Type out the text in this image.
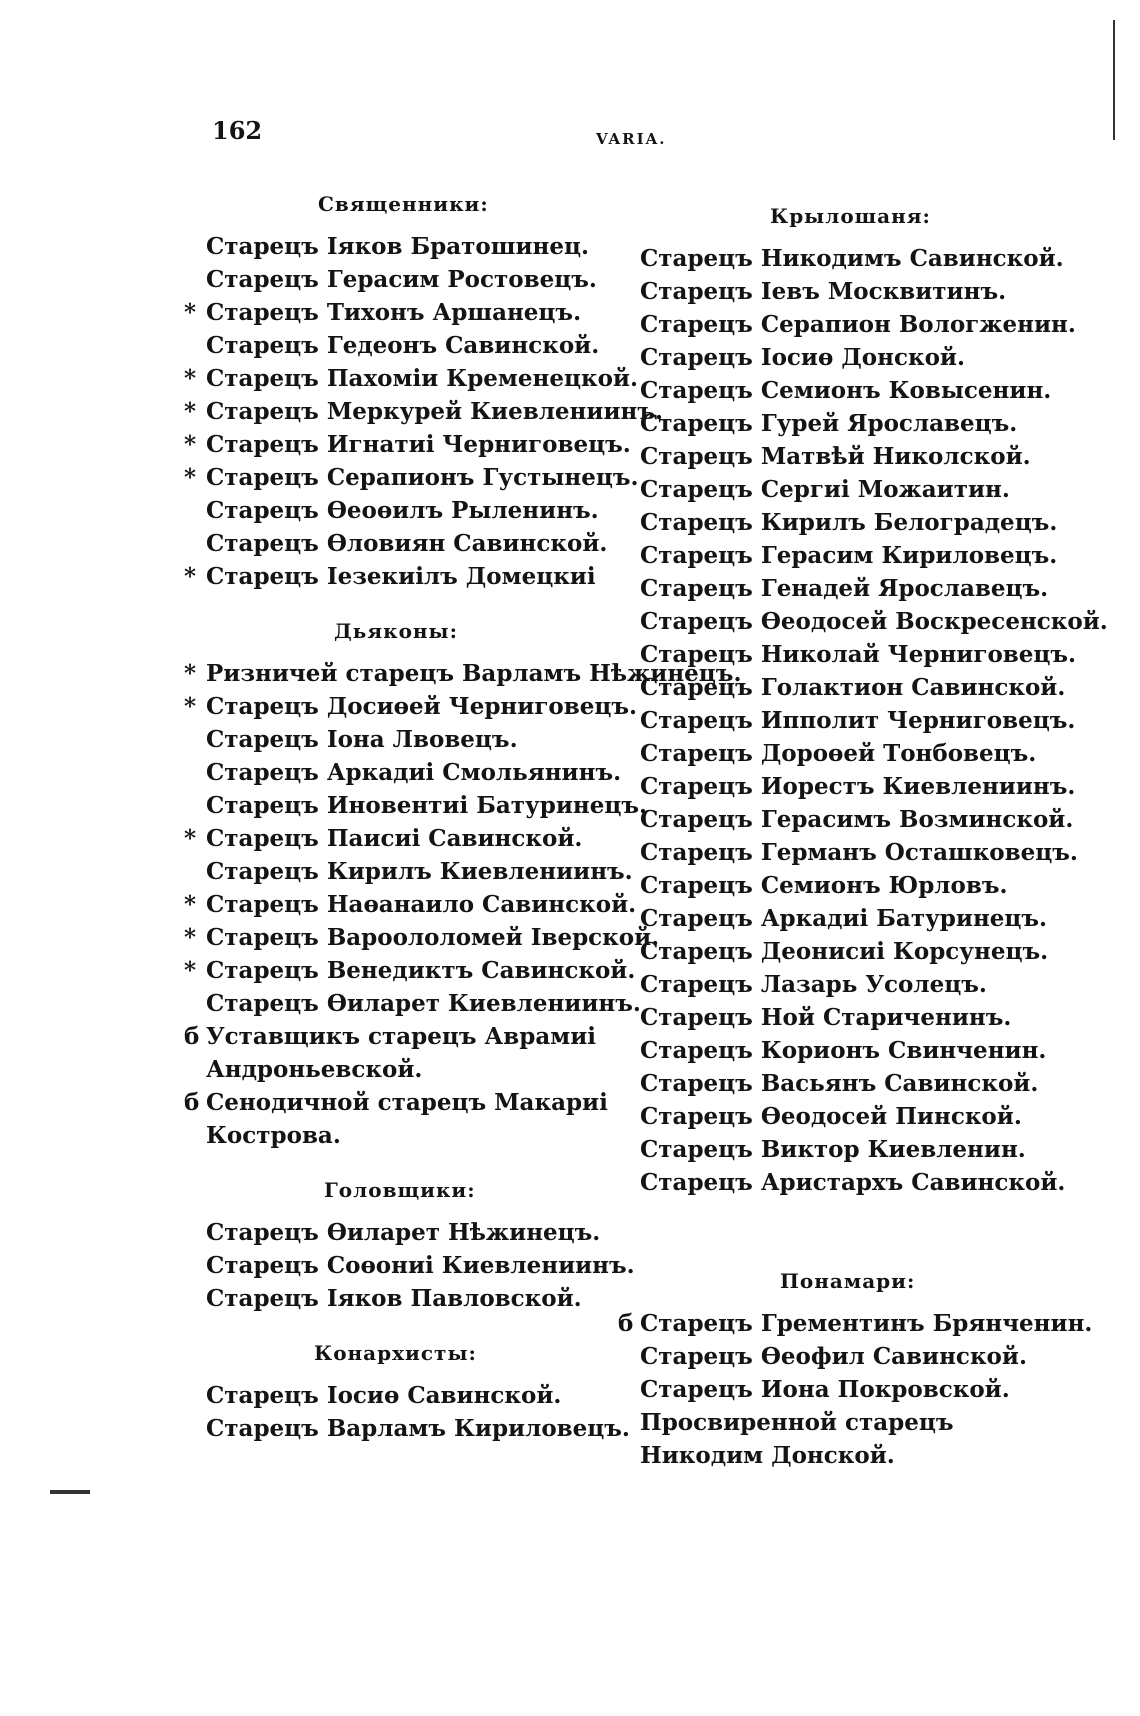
162	VARIA.
Священники:
Старецъ Іяков Братошинец.
Старецъ Герасим Ростовецъ.
* Старецъ Тихонъ Аршанецъ.
Старецъ Гедеонъ Савинской.
* Старецъ Пахоміи Кременецкой.
* Старецъ Меркурей Киевлениинъ.
* Старецъ Игнатиі Черниговецъ.
* Старецъ Серапионъ Густынецъ.
Старецъ Өеоөилъ Рыленинъ.
Старецъ Өловиян Савинской.
* Старецъ Іезекиілъ Домецкиі
Дьяконы:
* Ризничей старецъ Варламъ Нѣжинецъ.
* Старецъ Досиөей Черниговецъ.
Старецъ Іона Лвовецъ.
Старецъ Аркадиі Смольянинъ.
Старецъ Иновентиі Батуринецъ.
* Старецъ Паисиі Савинской.
Старецъ Кирилъ Киевлениинъ.
* Старецъ Наөанаило Савинской.
* Старецъ Вароололомей Іверской.
* Старецъ Венедиктъ Савинской.
Старецъ Өиларет Киевлениинъ.
б Уставщикъ старецъ Аврамиі Андроньевской.
б Сенодичной старецъ Макариі Кострова.
Головщики:
Старецъ Өиларет Нѣжинецъ.
Старецъ Соөониі Киевлениинъ.
Старецъ Іяков Павловской.
Конархисты:
Старецъ Іосиө Савинской.
Старецъ Варламъ Кириловецъ.
Крылошаня:
Старецъ Никодимъ Савинской.
Старецъ Іевъ Москвитинъ.
Старецъ Серапион Вологженин.
Старецъ Іосиө Донской.
Старецъ Семионъ Ковысенин.
Старецъ Гурей Ярославецъ.
Старецъ Матвѣй Николской.
Старецъ Сергиі Можаитин.
Старецъ Кирилъ Белоградецъ.
Старецъ Герасим Кириловецъ.
Старецъ Генадей Ярославецъ.
Старецъ Өеодосей Воскресенской.
Старецъ Николай Черниговецъ.
Старецъ Голактион Савинской.
Старецъ Ипполит Черниговецъ.
Старецъ Дороөей Тонбовецъ.
Старецъ Иорестъ Киевлениинъ.
Старецъ Герасимъ Возминской.
Старецъ Германъ Осташковецъ.
Старецъ Семионъ Юрловъ.
Старецъ Аркадиі Батуринецъ.
Старецъ Деонисиі Корсунецъ.
Старецъ Лазарь Усолецъ.
Старецъ Ной Стариченинъ.
Старецъ Корионъ Свинченин.
Старецъ Васьянъ Савинской.
Старецъ Өеодосей Пинской.
Старецъ Виктор Киевленин.
Старецъ Аристархъ Савинской.
Понамари:
б Старецъ Грементинъ Брянченин.
Старецъ Өеофил Савинской.
Старецъ Иона Покровской.
Просвиренной старецъ Никодим Донской.
